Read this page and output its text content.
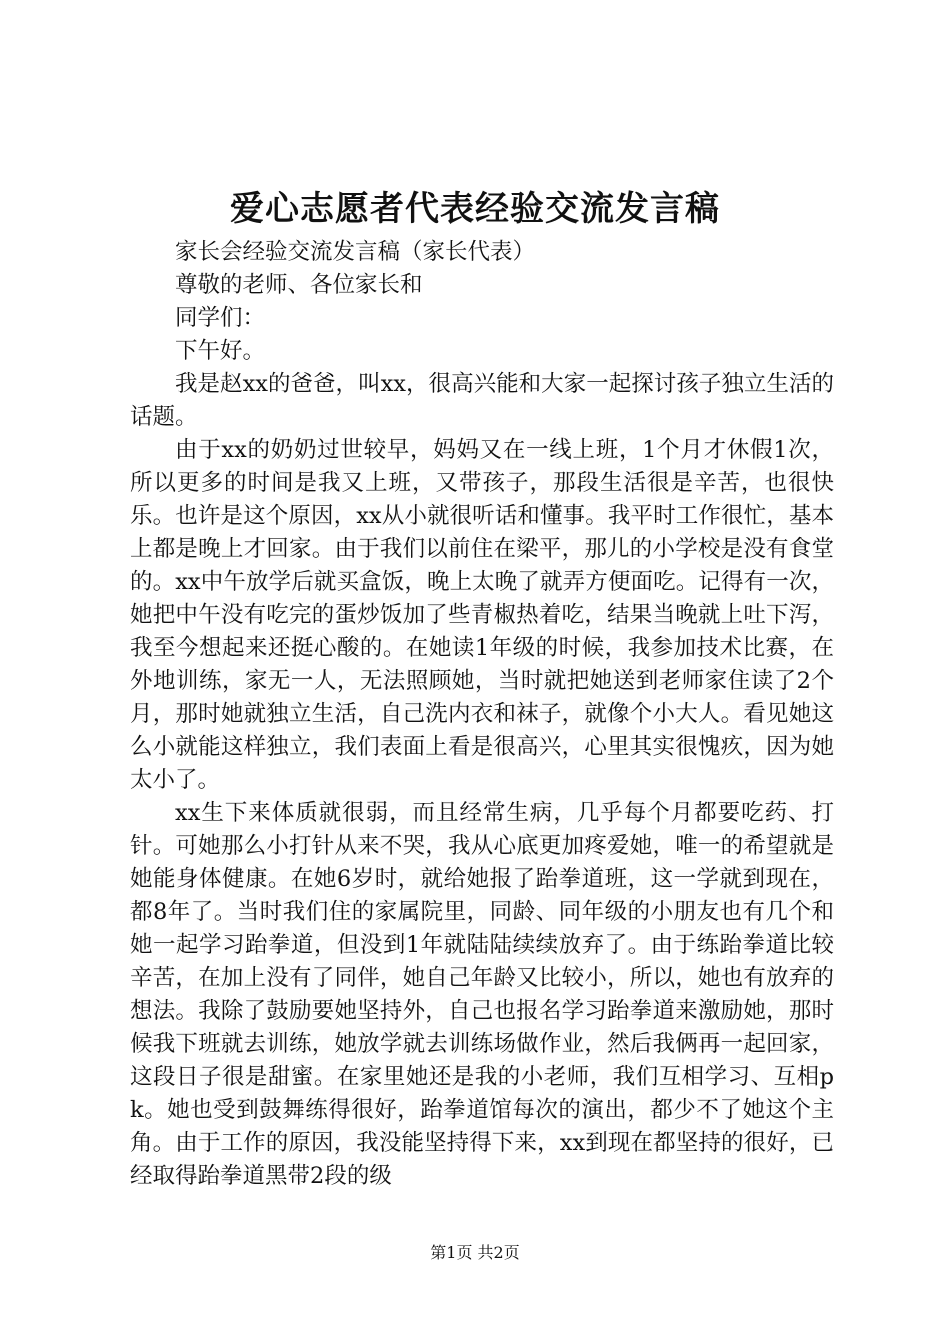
爱心志愿者代表经验交流发言稿

家长会经验交流发言稿（家长代表）

尊敬的老师、各位家长和

同学们：

下午好。

我是赵xx的爸爸，叫xx，很高兴能和大家一起探讨孩子独立生活的话题。

由于xx的奶奶过世较早，妈妈又在一线上班，1个月才休假1次，所以更多的时间是我又上班，又带孩子，那段生活很是辛苦，也很快乐。也许是这个原因，xx从小就很听话和懂事。我平时工作很忙，基本上都是晚上才回家。由于我们以前住在梁平，那儿的小学校是没有食堂的。xx中午放学后就买盒饭，晚上太晚了就弄方便面吃。记得有一次，她把中午没有吃完的蛋炒饭加了些青椒热着吃，结果当晚就上吐下泻，我至今想起来还挺心酸的。在她读1年级的时候，我参加技术比赛，在外地训练，家无一人，无法照顾她，当时就把她送到老师家住读了2个月，那时她就独立生活，自己洗内衣和袜子，就像个小大人。看见她这么小就能这样独立，我们表面上看是很高兴，心里其实很愧疚，因为她太小了。

xx生下来体质就很弱，而且经常生病，几乎每个月都要吃药、打针。可她那么小打针从来不哭，我从心底更加疼爱她，唯一的希望就是她能身体健康。在她6岁时，就给她报了跆拳道班，这一学就到现在，都8年了。当时我们住的家属院里，同龄、同年级的小朋友也有几个和她一起学习跆拳道，但没到1年就陆陆续续放弃了。由于练跆拳道比较辛苦，在加上没有了同伴，她自己年龄又比较小，所以，她也有放弃的想法。我除了鼓励要她坚持外，自己也报名学习跆拳道来激励她，那时候我下班就去训练，她放学就去训练场做作业，然后我俩再一起回家，这段日子很是甜蜜。在家里她还是我的小老师，我们互相学习、互相pk。她也受到鼓舞练得很好，跆拳道馆每次的演出，都少不了她这个主角。由于工作的原因，我没能坚持得下来，xx到现在都坚持的很好，已经取得跆拳道黑带2段的级

第1页 共2页
